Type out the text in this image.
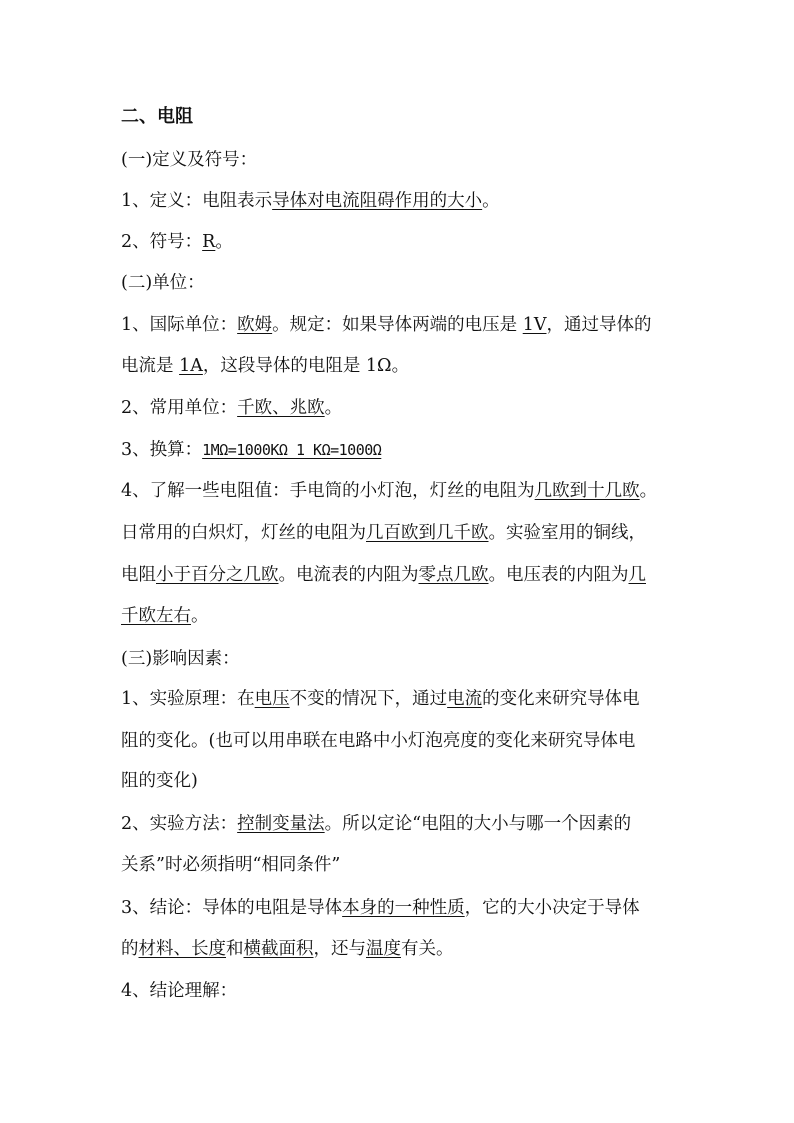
二、电阻
(一)定义及符号：
1、定义：电阻表示导体对电流阻碍作用的大小。
2、符号：R。
(二)单位：
1、国际单位：欧姆。规定：如果导体两端的电压是 1V，通过导体的
电流是 1A，这段导体的电阻是 1Ω。
2、常用单位：千欧、兆欧。
3、换算：1MΩ=1000KΩ 1 KΩ=1000Ω
4、了解一些电阻值：手电筒的小灯泡，灯丝的电阻为几欧到十几欧。
日常用的白炽灯，灯丝的电阻为几百欧到几千欧。实验室用的铜线，
电阻小于百分之几欧。电流表的内阻为零点几欧。电压表的内阻为几
千欧左右。
(三)影响因素：
1、实验原理：在电压不变的情况下，通过电流的变化来研究导体电
阻的变化。(也可以用串联在电路中小灯泡亮度的变化来研究导体电
阻的变化)
2、实验方法：控制变量法。所以定论“电阻的大小与哪一个因素的
关系”时必须指明“相同条件”
3、结论：导体的电阻是导体本身的一种性质，它的大小决定于导体
的材料、长度和横截面积，还与温度有关。
4、结论理解：
